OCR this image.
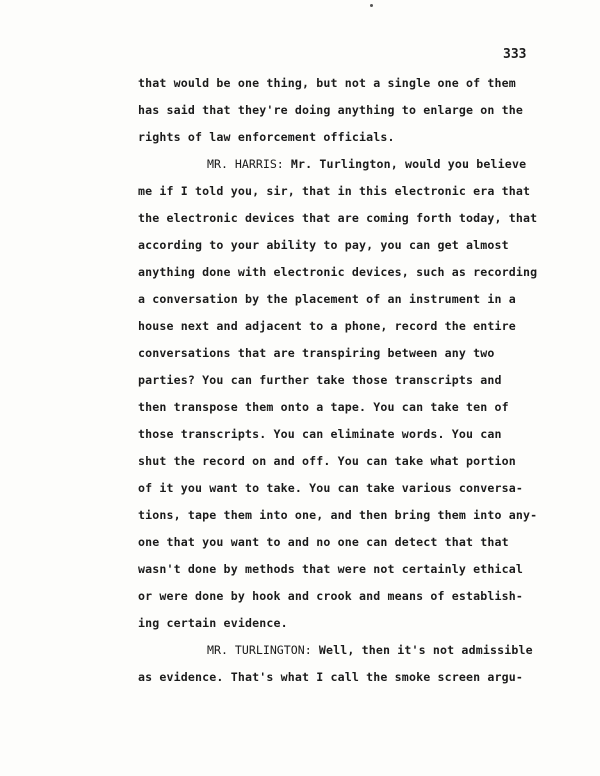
333
that would be one thing, but not a single one of them
has said that they're doing anything to enlarge on the
rights of law enforcement officials.
MR. HARRIS: Mr. Turlington, would you believe
me if I told you, sir, that in this electronic era that
the electronic devices that are coming forth today, that
according to your ability to pay, you can get almost
anything done with electronic devices, such as recording
a conversation by the placement of an instrument in a
house next and adjacent to a phone, record the entire
conversations that are transpiring between any two
parties? You can further take those transcripts and
then transpose them onto a tape. You can take ten of
those transcripts. You can eliminate words. You can
shut the record on and off. You can take what portion
of it you want to take. You can take various conversa-
tions, tape them into one, and then bring them into any-
one that you want to and no one can detect that that
wasn't done by methods that were not certainly ethical
or were done by hook and crook and means of establish-
ing certain evidence.
MR. TURLINGTON: Well, then it's not admissible
as evidence. That's what I call the smoke screen argu-
